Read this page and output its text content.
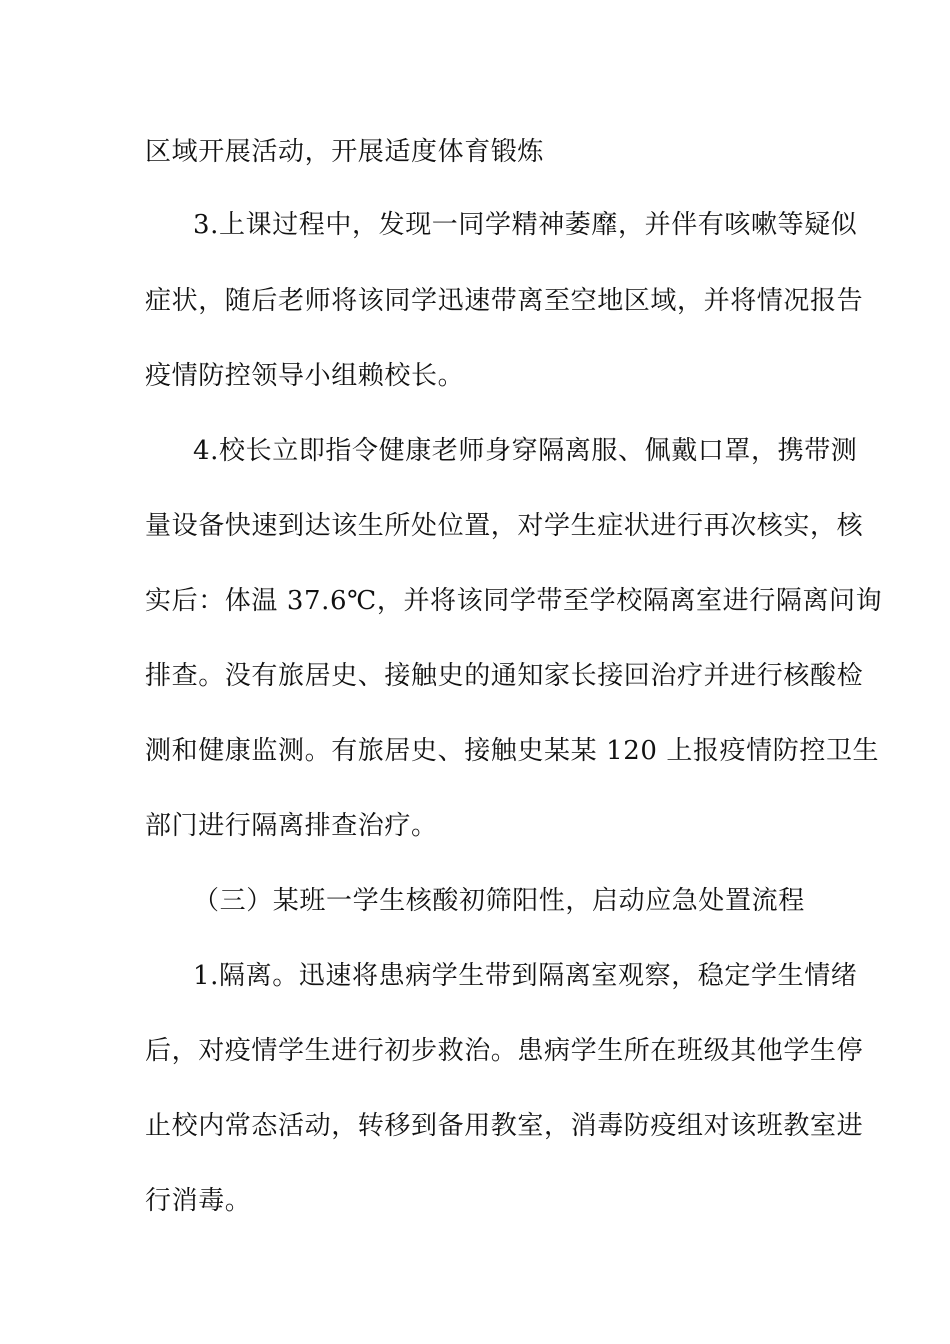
区域开展活动，开展适度体育锻炼
3.上课过程中，发现一同学精神萎靡，并伴有咳嗽等疑似
症状，随后老师将该同学迅速带离至空地区域，并将情况报告
疫情防控领导小组赖校长。
4.校长立即指令健康老师身穿隔离服、佩戴口罩，携带测
量设备快速到达该生所处位置，对学生症状进行再次核实，核
实后：体温 37.6℃，并将该同学带至学校隔离室进行隔离问询
排查。没有旅居史、接触史的通知家长接回治疗并进行核酸检
测和健康监测。有旅居史、接触史某某 120 上报疫情防控卫生
部门进行隔离排查治疗。
（三）某班一学生核酸初筛阳性，启动应急处置流程
1.隔离。迅速将患病学生带到隔离室观察，稳定学生情绪
后，对疫情学生进行初步救治。患病学生所在班级其他学生停
止校内常态活动，转移到备用教室，消毒防疫组对该班教室进
行消毒。
